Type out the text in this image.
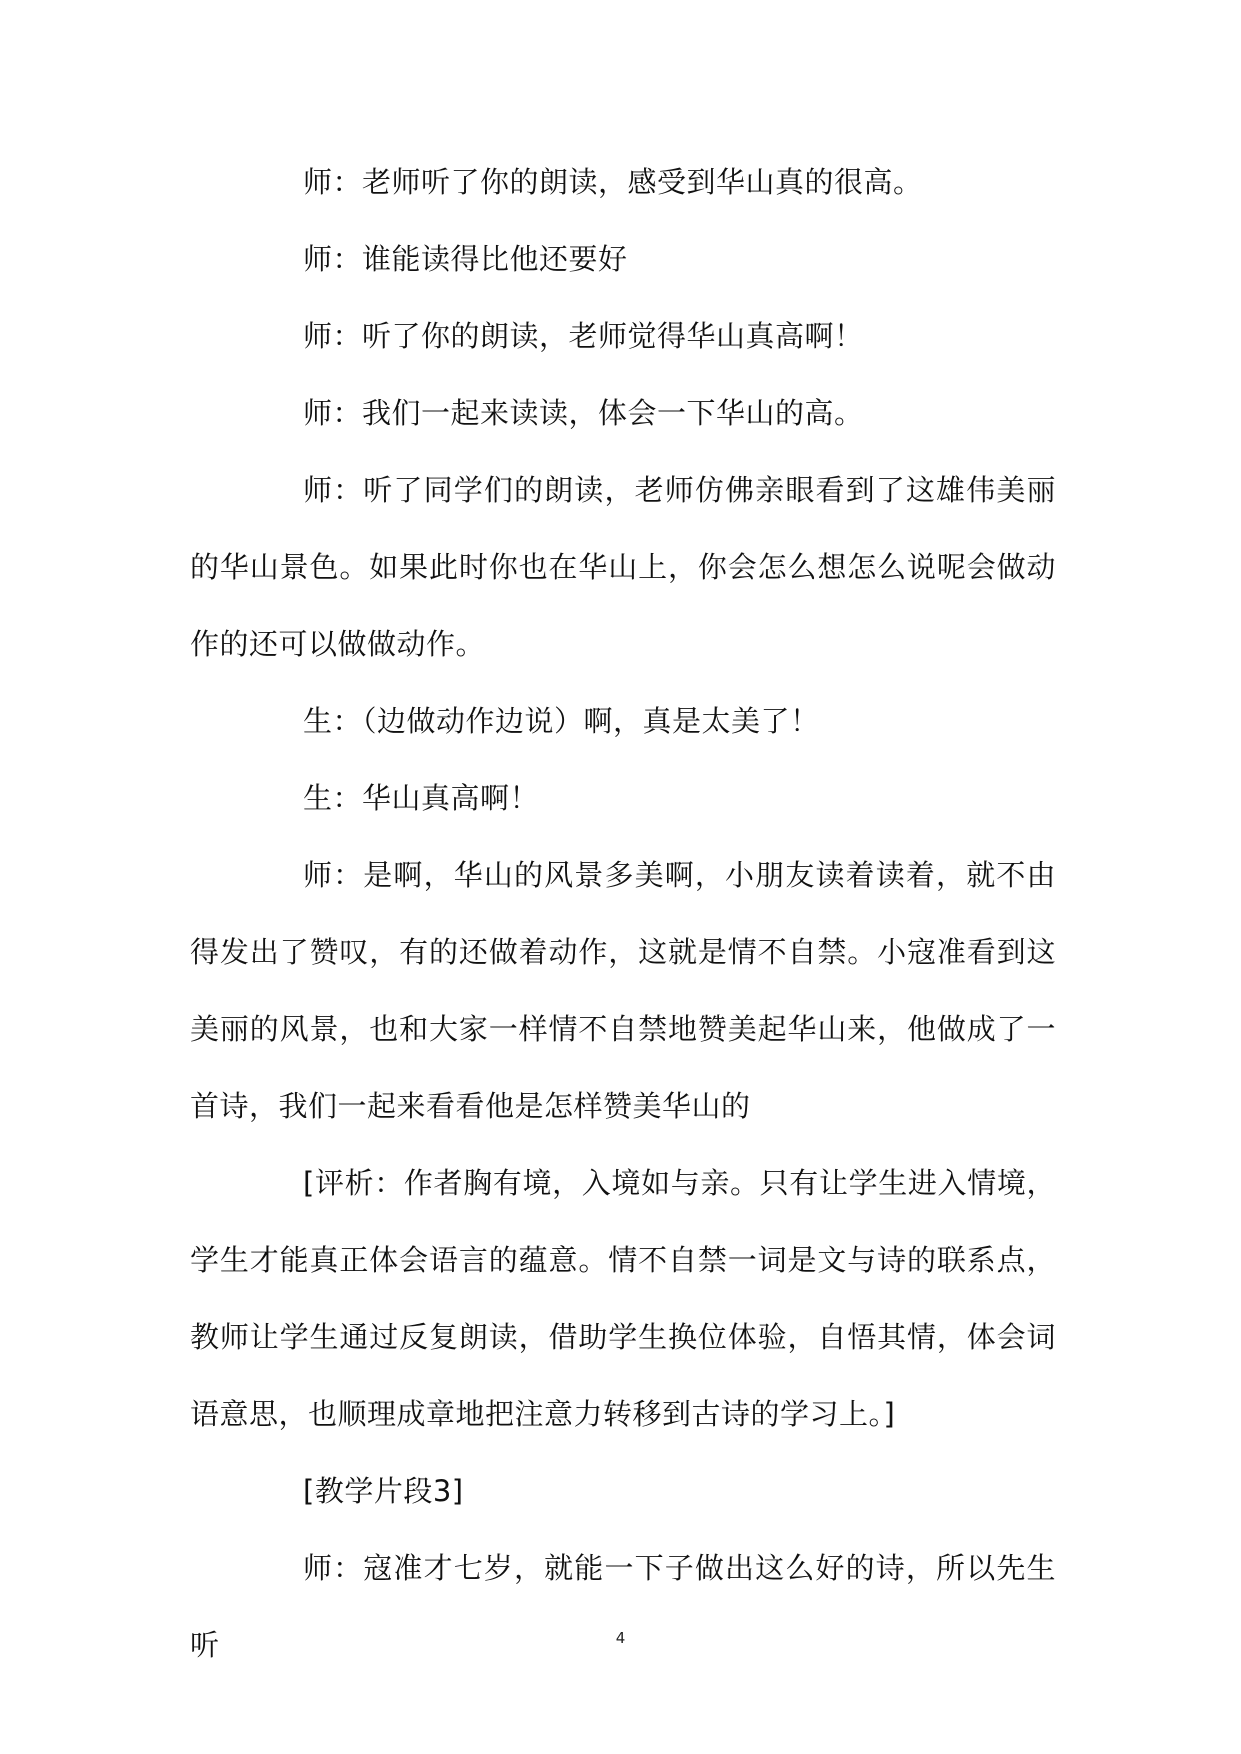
师：老师听了你的朗读，感受到华山真的很高。

师：谁能读得比他还要好

师：听了你的朗读，老师觉得华山真高啊！

师：我们一起来读读，体会一下华山的高。

师：听了同学们的朗读，老师仿佛亲眼看到了这雄伟美丽的华山景色。如果此时你也在华山上，你会怎么想怎么说呢会做动作的还可以做做动作。

生：（边做动作边说）啊，真是太美了！

生：华山真高啊！

师：是啊，华山的风景多美啊，小朋友读着读着，就不由得发出了赞叹，有的还做着动作，这就是情不自禁。小寇准看到这美丽的风景，也和大家一样情不自禁地赞美起华山来，他做成了一首诗，我们一起来看看他是怎样赞美华山的

[评析：作者胸有境，入境如与亲。只有让学生进入情境，学生才能真正体会语言的蕴意。情不自禁一词是文与诗的联系点，教师让学生通过反复朗读，借助学生换位体验，自悟其情，体会词语意思，也顺理成章地把注意力转移到古诗的学习上。]

[教学片段3]

师：寇准才七岁，就能一下子做出这么好的诗，所以先生听	4
